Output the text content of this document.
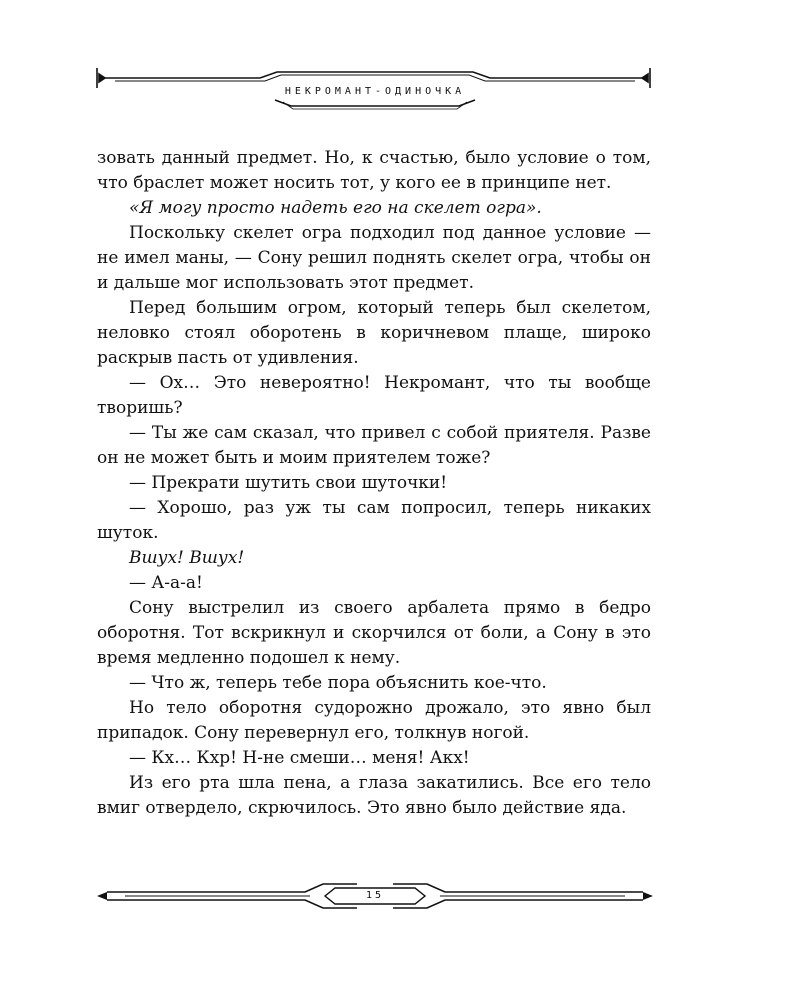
НЕКРОМАНТ-ОДИНОЧКА

зовать данный предмет. Но, к счастью, было условие о том, что браслет может носить тот, у кого ее в принципе нет.

«Я могу просто надеть его на скелет огра».

Поскольку скелет огра подходил под данное условие — не имел маны, — Сону решил поднять скелет огра, чтобы он и дальше мог использовать этот предмет.

Перед большим огром, который теперь был скелетом, неловко стоял оборотень в коричневом плаще, широко раскрыв пасть от удивления.

— Ох… Это невероятно! Некромант, что ты вообще творишь?

— Ты же сам сказал, что привел с собой приятеля. Разве он не может быть и моим приятелем тоже?

— Прекрати шутить свои шуточки!

— Хорошо, раз уж ты сам попросил, теперь никаких шуток.

Вшух! Вшух!

— А-а-а!

Сону выстрелил из своего арбалета прямо в бедро оборотня. Тот вскрикнул и скорчился от боли, а Сону в это время медленно подошел к нему.

— Что ж, теперь тебе пора объяснить кое-что.

Но тело оборотня судорожно дрожало, это явно был припадок. Сону перевернул его, толкнув ногой.

— Кх… Кхр! Н-не смеши… меня! Акх!

Из его рта шла пена, а глаза закатились. Все его тело вмиг отвердело, скрючилось. Это явно было действие яда.

15
